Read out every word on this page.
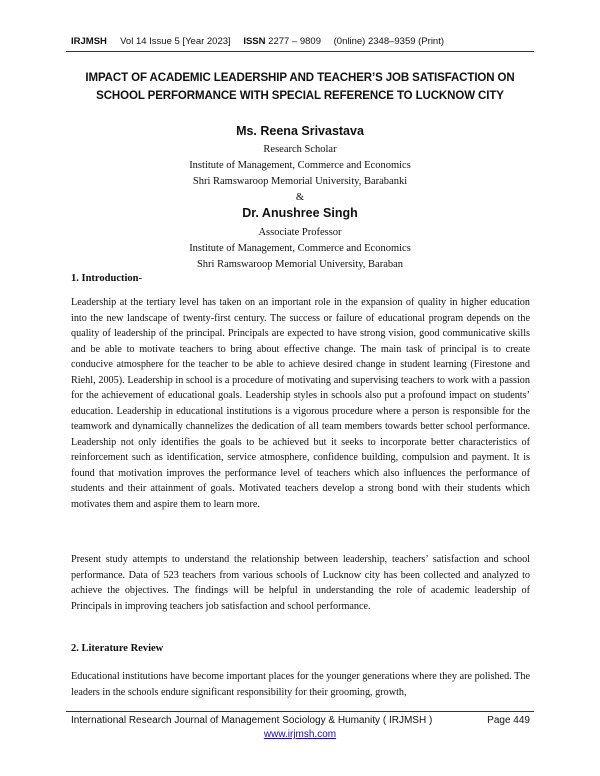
IRJMSH Vol 14 Issue 5 [Year 2023] ISSN 2277 – 9809 (0nline) 2348–9359 (Print)
IMPACT OF ACADEMIC LEADERSHIP AND TEACHER’S JOB SATISFACTION ON SCHOOL PERFORMANCE WITH SPECIAL REFERENCE TO LUCKNOW CITY
Ms. Reena Srivastava
Research Scholar
Institute of Management, Commerce and Economics
Shri Ramswaroop Memorial University, Barabanki
&
Dr. Anushree Singh
Associate Professor
Institute of Management, Commerce and Economics
Shri Ramswaroop Memorial University, Baraban
1. Introduction-

Leadership at the tertiary level has taken on an important role in the expansion of quality in higher education into the new landscape of twenty-first century. The success or failure of educational program depends on the quality of leadership of the principal. Principals are expected to have strong vision, good communicative skills and be able to motivate teachers to bring about effective change. The main task of principal is to create conducive atmosphere for the teacher to be able to achieve desired change in student learning (Firestone and Riehl, 2005). Leadership in school is a procedure of motivating and supervising teachers to work with a passion for the achievement of educational goals. Leadership styles in schools also put a profound impact on students’ education. Leadership in educational institutions is a vigorous procedure where a person is responsible for the teamwork and dynamically channelizes the dedication of all team members towards better school performance. Leadership not only identifies the goals to be achieved but it seeks to incorporate better characteristics of reinforcement such as identification, service atmosphere, confidence building, compulsion and payment. It is found that motivation improves the performance level of teachers which also influences the performance of students and their attainment of goals. Motivated teachers develop a strong bond with their students which motivates them and aspire them to learn more.

Present study attempts to understand the relationship between leadership, teachers’ satisfaction and school performance. Data of 523 teachers from various schools of Lucknow city has been collected and analyzed to achieve the objectives. The findings will be helpful in understanding the role of academic leadership of Principals in improving teachers job satisfaction and school performance.

2. Literature Review

Educational institutions have become important places for the younger generations where they are polished. The leaders in the schools endure significant responsibility for their grooming, growth,

International Research Journal of Management Sociology & Humanity ( IRJMSH )	Page 449
www.irjmsh.com
